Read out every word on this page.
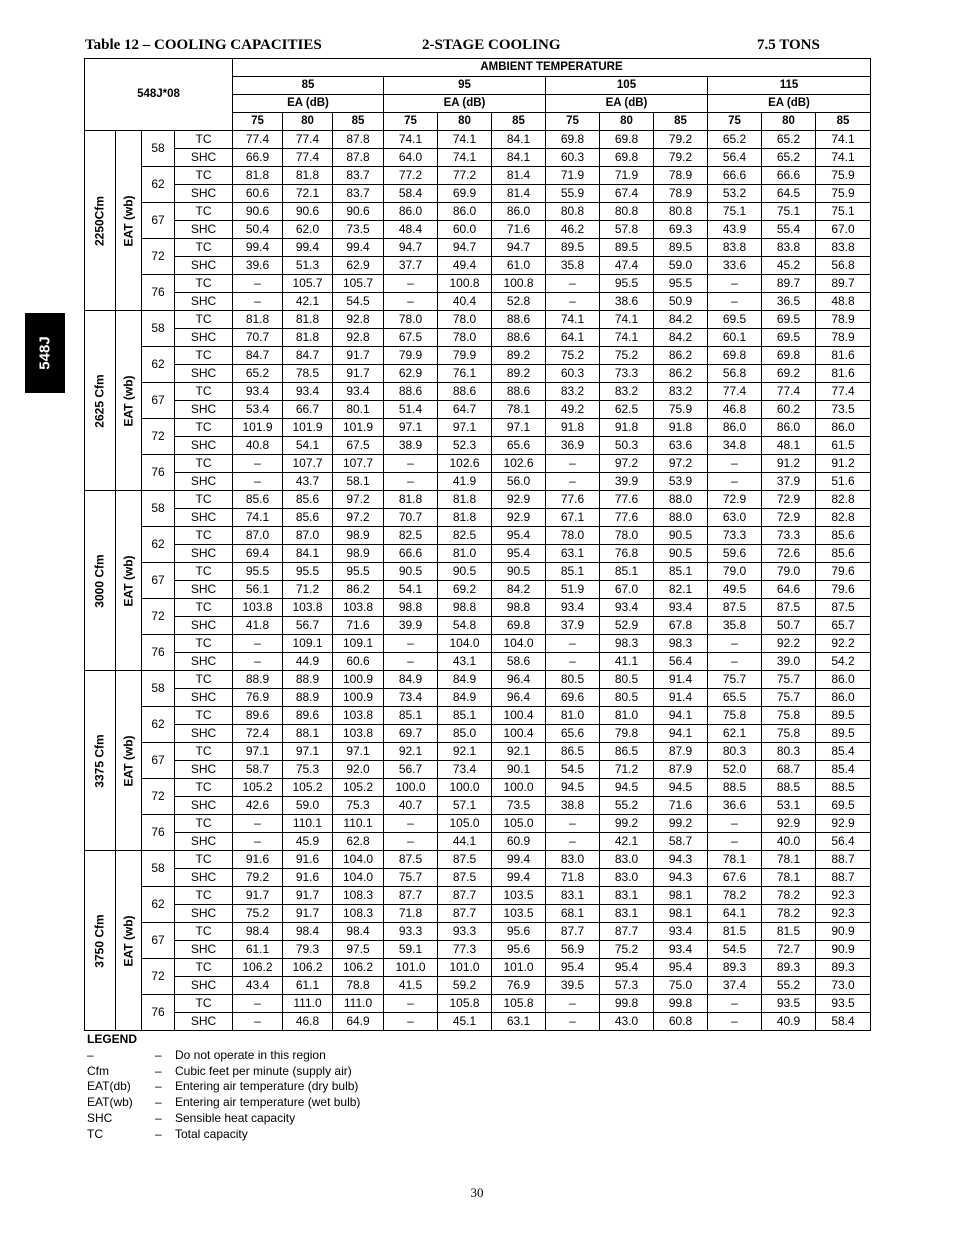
Table 12 – COOLING CAPACITIES	2-STAGE COOLING	7.5 TONS
548J
548J*08				AMBIENT TEMPERATURE											
				85			95			105			115		
				EA (dB)			EA (dB)			EA (dB)			EA (dB)		
				75	80	85	75	80	85	75	80	85	75	80	85

2250Cfm	EAT (wb)	58	TC	77.4	77.4	87.8	74.1	74.1	84.1	69.8	69.8	79.2	65.2	65.2	74.1
			SHC	66.9	77.4	87.8	64.0	74.1	84.1	60.3	69.8	79.2	56.4	65.2	74.1
		62	TC	81.8	81.8	83.7	77.2	77.2	81.4	71.9	71.9	78.9	66.6	66.6	75.9
			SHC	60.6	72.1	83.7	58.4	69.9	81.4	55.9	67.4	78.9	53.2	64.5	75.9
		67	TC	90.6	90.6	90.6	86.0	86.0	86.0	80.8	80.8	80.8	75.1	75.1	75.1
			SHC	50.4	62.0	73.5	48.4	60.0	71.6	46.2	57.8	69.3	43.9	55.4	67.0
		72	TC	99.4	99.4	99.4	94.7	94.7	94.7	89.5	89.5	89.5	83.8	83.8	83.8
			SHC	39.6	51.3	62.9	37.7	49.4	61.0	35.8	47.4	59.0	33.6	45.2	56.8
		76	TC	–	105.7	105.7	–	100.8	100.8	–	95.5	95.5	–	89.7	89.7
			SHC	–	42.1	54.5	–	40.4	52.8	–	38.6	50.9	–	36.5	48.8

2625 Cfm	EAT (wb)	58	TC	81.8	81.8	92.8	78.0	78.0	88.6	74.1	74.1	84.2	69.5	69.5	78.9
			SHC	70.7	81.8	92.8	67.5	78.0	88.6	64.1	74.1	84.2	60.1	69.5	78.9
		62	TC	84.7	84.7	91.7	79.9	79.9	89.2	75.2	75.2	86.2	69.8	69.8	81.6
			SHC	65.2	78.5	91.7	62.9	76.1	89.2	60.3	73.3	86.2	56.8	69.2	81.6
		67	TC	93.4	93.4	93.4	88.6	88.6	88.6	83.2	83.2	83.2	77.4	77.4	77.4
			SHC	53.4	66.7	80.1	51.4	64.7	78.1	49.2	62.5	75.9	46.8	60.2	73.5
		72	TC	101.9	101.9	101.9	97.1	97.1	97.1	91.8	91.8	91.8	86.0	86.0	86.0
			SHC	40.8	54.1	67.5	38.9	52.3	65.6	36.9	50.3	63.6	34.8	48.1	61.5
		76	TC	–	107.7	107.7	–	102.6	102.6	–	97.2	97.2	–	91.2	91.2
			SHC	–	43.7	58.1	–	41.9	56.0	–	39.9	53.9	–	37.9	51.6

3000 Cfm	EAT (wb)	58	TC	85.6	85.6	97.2	81.8	81.8	92.9	77.6	77.6	88.0	72.9	72.9	82.8
			SHC	74.1	85.6	97.2	70.7	81.8	92.9	67.1	77.6	88.0	63.0	72.9	82.8
		62	TC	87.0	87.0	98.9	82.5	82.5	95.4	78.0	78.0	90.5	73.3	73.3	85.6
			SHC	69.4	84.1	98.9	66.6	81.0	95.4	63.1	76.8	90.5	59.6	72.6	85.6
		67	TC	95.5	95.5	95.5	90.5	90.5	90.5	85.1	85.1	85.1	79.0	79.0	79.6
			SHC	56.1	71.2	86.2	54.1	69.2	84.2	51.9	67.0	82.1	49.5	64.6	79.6
		72	TC	103.8	103.8	103.8	98.8	98.8	98.8	93.4	93.4	93.4	87.5	87.5	87.5
			SHC	41.8	56.7	71.6	39.9	54.8	69.8	37.9	52.9	67.8	35.8	50.7	65.7
		76	TC	–	109.1	109.1	–	104.0	104.0	–	98.3	98.3	–	92.2	92.2
			SHC	–	44.9	60.6	–	43.1	58.6	–	41.1	56.4	–	39.0	54.2

3375 Cfm	EAT (wb)	58	TC	88.9	88.9	100.9	84.9	84.9	96.4	80.5	80.5	91.4	75.7	75.7	86.0
			SHC	76.9	88.9	100.9	73.4	84.9	96.4	69.6	80.5	91.4	65.5	75.7	86.0
		62	TC	89.6	89.6	103.8	85.1	85.1	100.4	81.0	81.0	94.1	75.8	75.8	89.5
			SHC	72.4	88.1	103.8	69.7	85.0	100.4	65.6	79.8	94.1	62.1	75.8	89.5
		67	TC	97.1	97.1	97.1	92.1	92.1	92.1	86.5	86.5	87.9	80.3	80.3	85.4
			SHC	58.7	75.3	92.0	56.7	73.4	90.1	54.5	71.2	87.9	52.0	68.7	85.4
		72	TC	105.2	105.2	105.2	100.0	100.0	100.0	94.5	94.5	94.5	88.5	88.5	88.5
			SHC	42.6	59.0	75.3	40.7	57.1	73.5	38.8	55.2	71.6	36.6	53.1	69.5
		76	TC	–	110.1	110.1	–	105.0	105.0	–	99.2	99.2	–	92.9	92.9
			SHC	–	45.9	62.8	–	44.1	60.9	–	42.1	58.7	–	40.0	56.4

3750 Cfm	EAT (wb)	58	TC	91.6	91.6	104.0	87.5	87.5	99.4	83.0	83.0	94.3	78.1	78.1	88.7
			SHC	79.2	91.6	104.0	75.7	87.5	99.4	71.8	83.0	94.3	67.6	78.1	88.7
		62	TC	91.7	91.7	108.3	87.7	87.7	103.5	83.1	83.1	98.1	78.2	78.2	92.3
			SHC	75.2	91.7	108.3	71.8	87.7	103.5	68.1	83.1	98.1	64.1	78.2	92.3
		67	TC	98.4	98.4	98.4	93.3	93.3	95.6	87.7	87.7	93.4	81.5	81.5	90.9
			SHC	61.1	79.3	97.5	59.1	77.3	95.6	56.9	75.2	93.4	54.5	72.7	90.9
		72	TC	106.2	106.2	106.2	101.0	101.0	101.0	95.4	95.4	95.4	89.3	89.3	89.3
			SHC	43.4	61.1	78.8	41.5	59.2	76.9	39.5	57.3	75.0	37.4	55.2	73.0
		76	TC	–	111.0	111.0	–	105.8	105.8	–	99.8	99.8	–	93.5	93.5
			SHC	–	46.8	64.9	–	45.1	63.1	–	43.0	60.8	–	40.9	58.4
LEGEND
–	– Do not operate in this region
Cfm	– Cubic feet per minute (supply air)
EAT(db) – Entering air temperature (dry bulb)
EAT(wb) – Entering air temperature (wet bulb)
SHC	– Sensible heat capacity
TC	– Total capacity
30
